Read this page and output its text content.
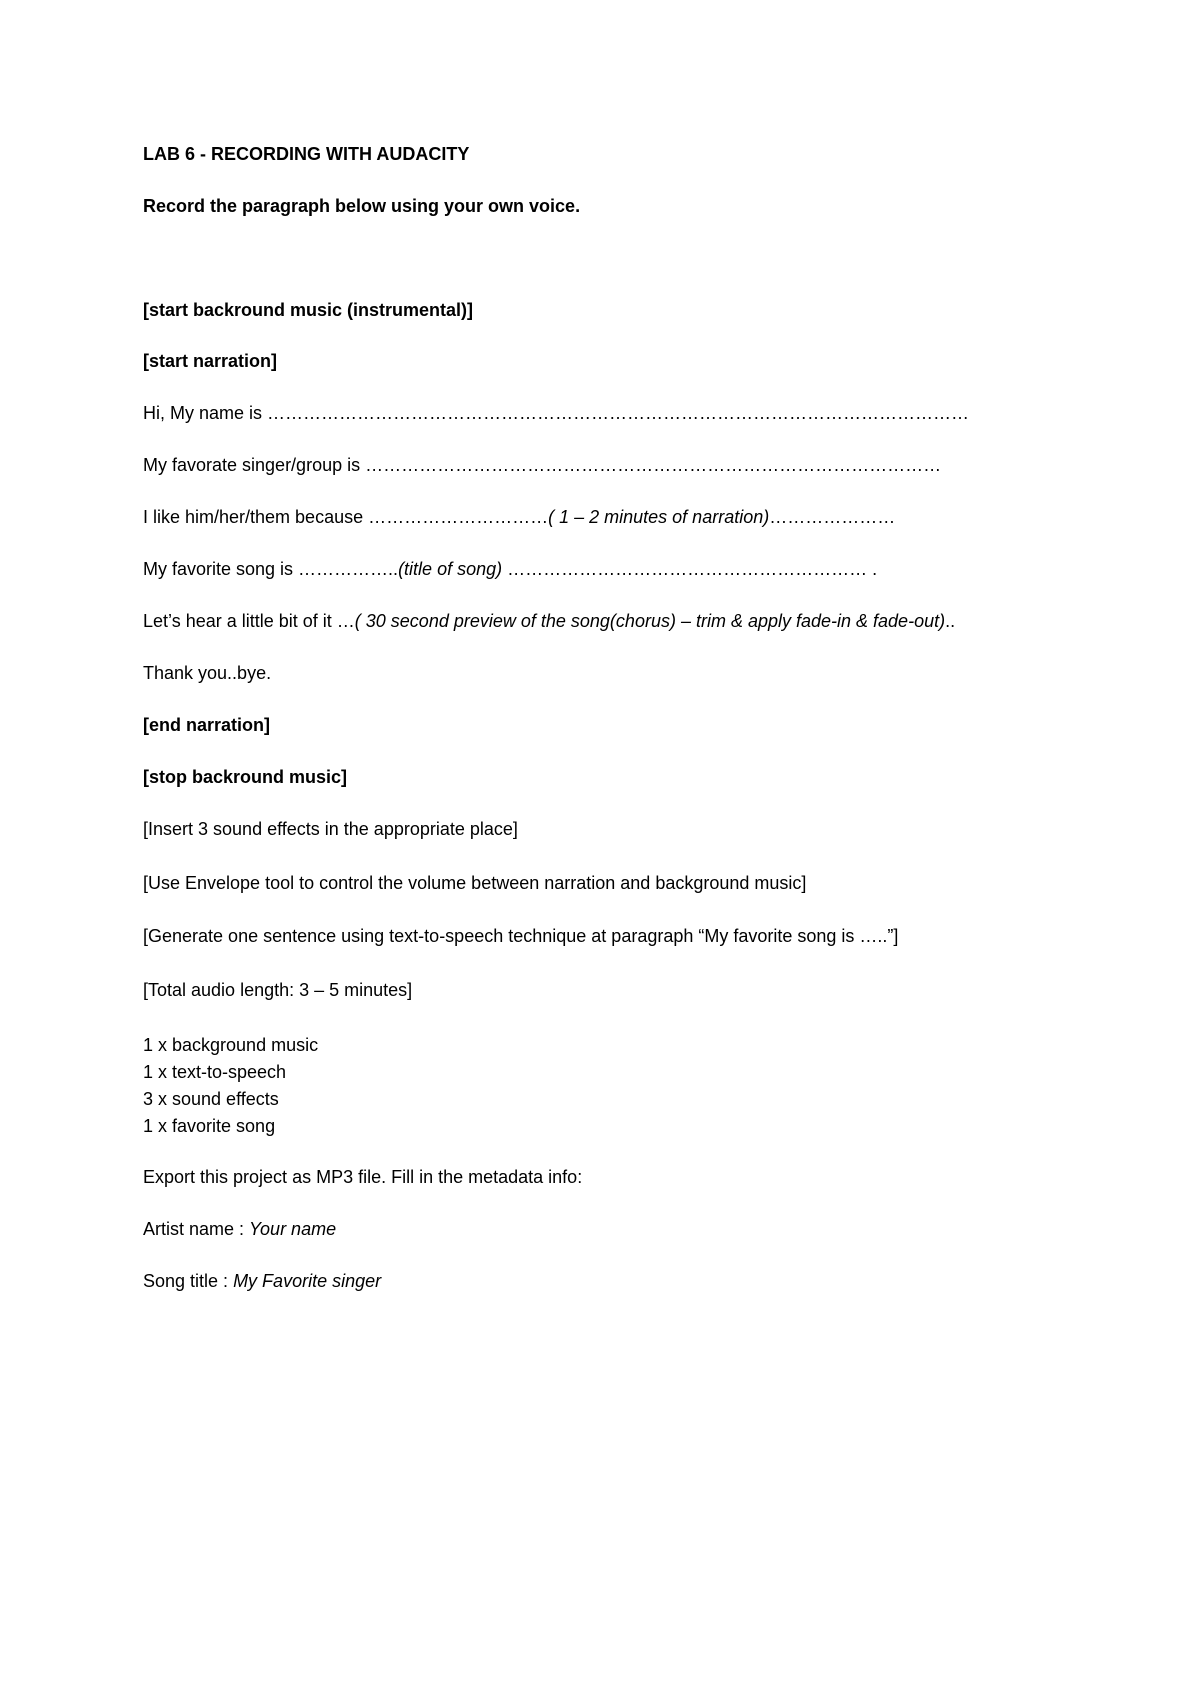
LAB 6 - RECORDING WITH AUDACITY
Record the paragraph below using your own voice.
[start backround music (instrumental)]
[start narration]
Hi, My name is ………………………………………………………………………………………………………
My favorate singer/group is ……………………………………………………………………………………
I like him/her/them because …………………………( 1 – 2 minutes of narration)…………………
My favorite song is ……………..(title of song) …………………………………………………… .
Let’s hear a little bit of it …( 30 second preview of the song(chorus) – trim & apply fade-in & fade-out)..
Thank you..bye.
[end narration]
[stop backround music]
[Insert 3 sound effects in the appropriate place]
[Use Envelope tool to control the volume between narration and background music]
[Generate one sentence using text-to-speech technique at paragraph “My favorite song is …..”]
[Total audio length: 3 – 5 minutes]
1 x background music
1 x text-to-speech
3 x sound effects
1 x favorite song
Export this project as MP3 file. Fill in the metadata info:
Artist name : Your name
Song title : My Favorite singer
